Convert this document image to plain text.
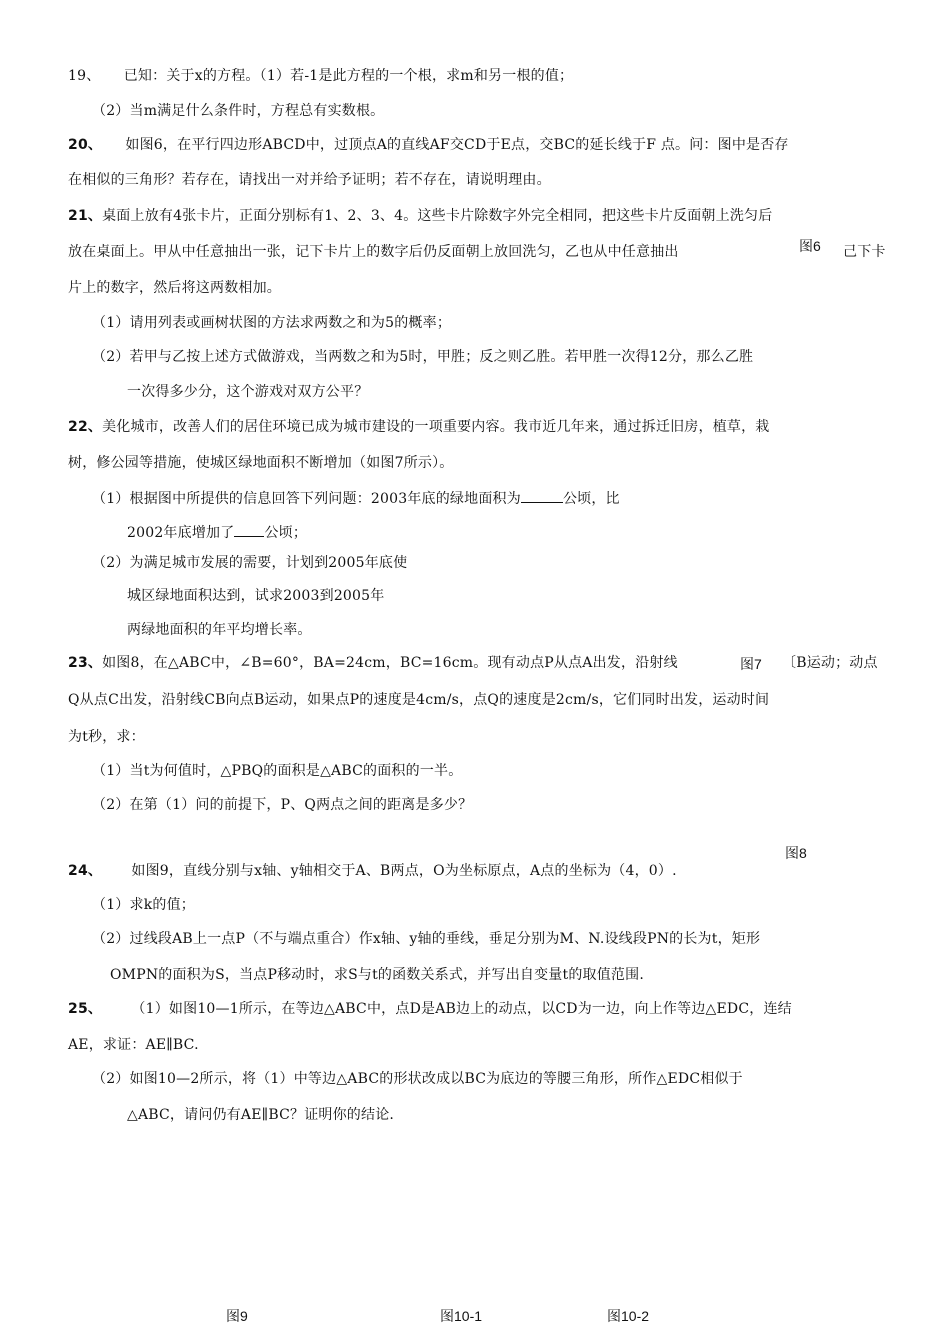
19、 已知：关于x的方程。（1）若-1是此方程的一个根，求m和另一根的值；
（2）当m满足什么条件时，方程总有实数根。
20、 如图6，在平行四边形ABCD中，过顶点A的直线AF交CD于E点，交BC的延长线于F 点。问：图中是否存
在相似的三角形？若存在，请找出一对并给予证明；若不存在，请说明理由。
21、桌面上放有4张卡片，正面分别标有1、2、3、4。这些卡片除数字外完全相同，把这些卡片反面朝上洗匀后
放在桌面上。甲从中任意抽出一张，记下卡片上的数字后仍反面朝上放回洗匀，乙也从中任意抽出	图6 己下卡
片上的数字，然后将这两数相加。
（1）请用列表或画树状图的方法求两数之和为5的概率；
（2）若甲与乙按上述方式做游戏，当两数之和为5时，甲胜；反之则乙胜。若甲胜一次得12分，那么乙胜
一次得多少分，这个游戏对双方公平？
22、美化城市，改善人们的居住环境已成为城市建设的一项重要内容。我市近几年来，通过拆迁旧房，植草，栽
树，修公园等措施，使城区绿地面积不断增加（如图7所示）。
（1）根据图中所提供的信息回答下列问题：2003年底的绿地面积为	公顷，比
2002年底增加了 公顷；
（2）为满足城市发展的需要，计划到2005年底使
城区绿地面积达到，试求2003到2005年
两绿地面积的年平均增长率。
23、如图8，在△ABC中，∠B=60°，BA=24cm，BC=16cm。现有动点P从点A出发，沿射线	图7 〔B运动；动点
Q从点C出发，沿射线CB向点B运动，如果点P的速度是4cm/s，点Q的速度是2cm/s，它们同时出发，运动时间
为t秒，求：
（1）当t为何值时，△PBQ的面积是△ABC的面积的一半。
（2）在第（1）问的前提下，P、Q两点之间的距离是多少？
图8
24、 如图9，直线分别与x轴、y轴相交于A、B两点，O为坐标原点，A点的坐标为（4，0）.
（1）求k的值；
（2）过线段AB上一点P（不与端点重合）作x轴、y轴的垂线，垂足分别为M、N.设线段PN的长为t，矩形
OMPN的面积为S，当点P移动时，求S与t的函数关系式，并写出自变量t的取值范围.
25、 （1）如图10—1所示，在等边△ABC中，点D是AB边上的动点，以CD为一边，向上作等边△EDC，连结
AE，求证：AE∥BC.
（2）如图10—2所示，将（1）中等边△ABC的形状改成以BC为底边的等腰三角形，所作△EDC相似于
△ABC，请问仍有AE∥BC？证明你的结论.
图9	图10-1	图10-2
